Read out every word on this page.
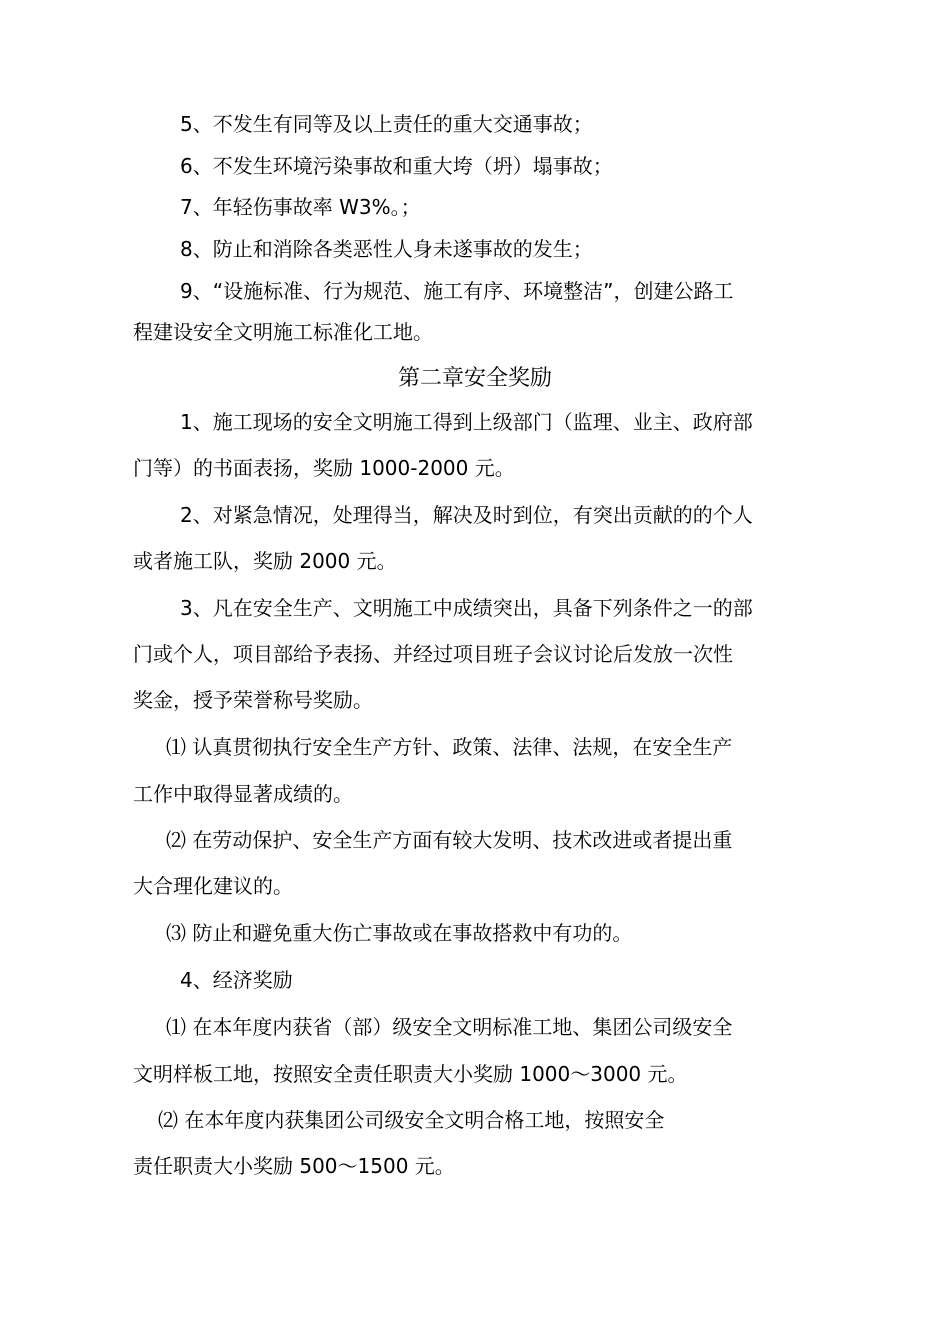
5、不发生有同等及以上责任的重大交通事故；
6、不发生环境污染事故和重大垮（坍）塌事故；
7、年轻伤事故率 W3%。；
8、防止和消除各类恶性人身未遂事故的发生；
9、“设施标准、行为规范、施工有序、环境整洁”，创建公路工
程建设安全文明施工标准化工地。
第二章安全奖励
1、施工现场的安全文明施工得到上级部门（监理、业主、政府部
门等）的书面表扬，奖励 1000-2000 元。
2、对紧急情况，处理得当，解决及时到位，有突出贡献的的个人
或者施工队，奖励 2000 元。
3、凡在安全生产、文明施工中成绩突出，具备下列条件之一的部
门或个人，项目部给予表扬、并经过项目班子会议讨论后发放一次性
奖金，授予荣誉称号奖励。
⑴ 认真贯彻执行安全生产方针、政策、法律、法规，在安全生产
工作中取得显著成绩的。
⑵ 在劳动保护、安全生产方面有较大发明、技术改进或者提出重
大合理化建议的。
⑶ 防止和避免重大伤亡事故或在事故搭救中有功的。
4、经济奖励
⑴ 在本年度内获省（部）级安全文明标准工地、集团公司级安全
文明样板工地，按照安全责任职责大小奖励 1000〜3000 元。
⑵ 在本年度内获集团公司级安全文明合格工地，按照安全
责任职责大小奖励 500〜1500 元。
